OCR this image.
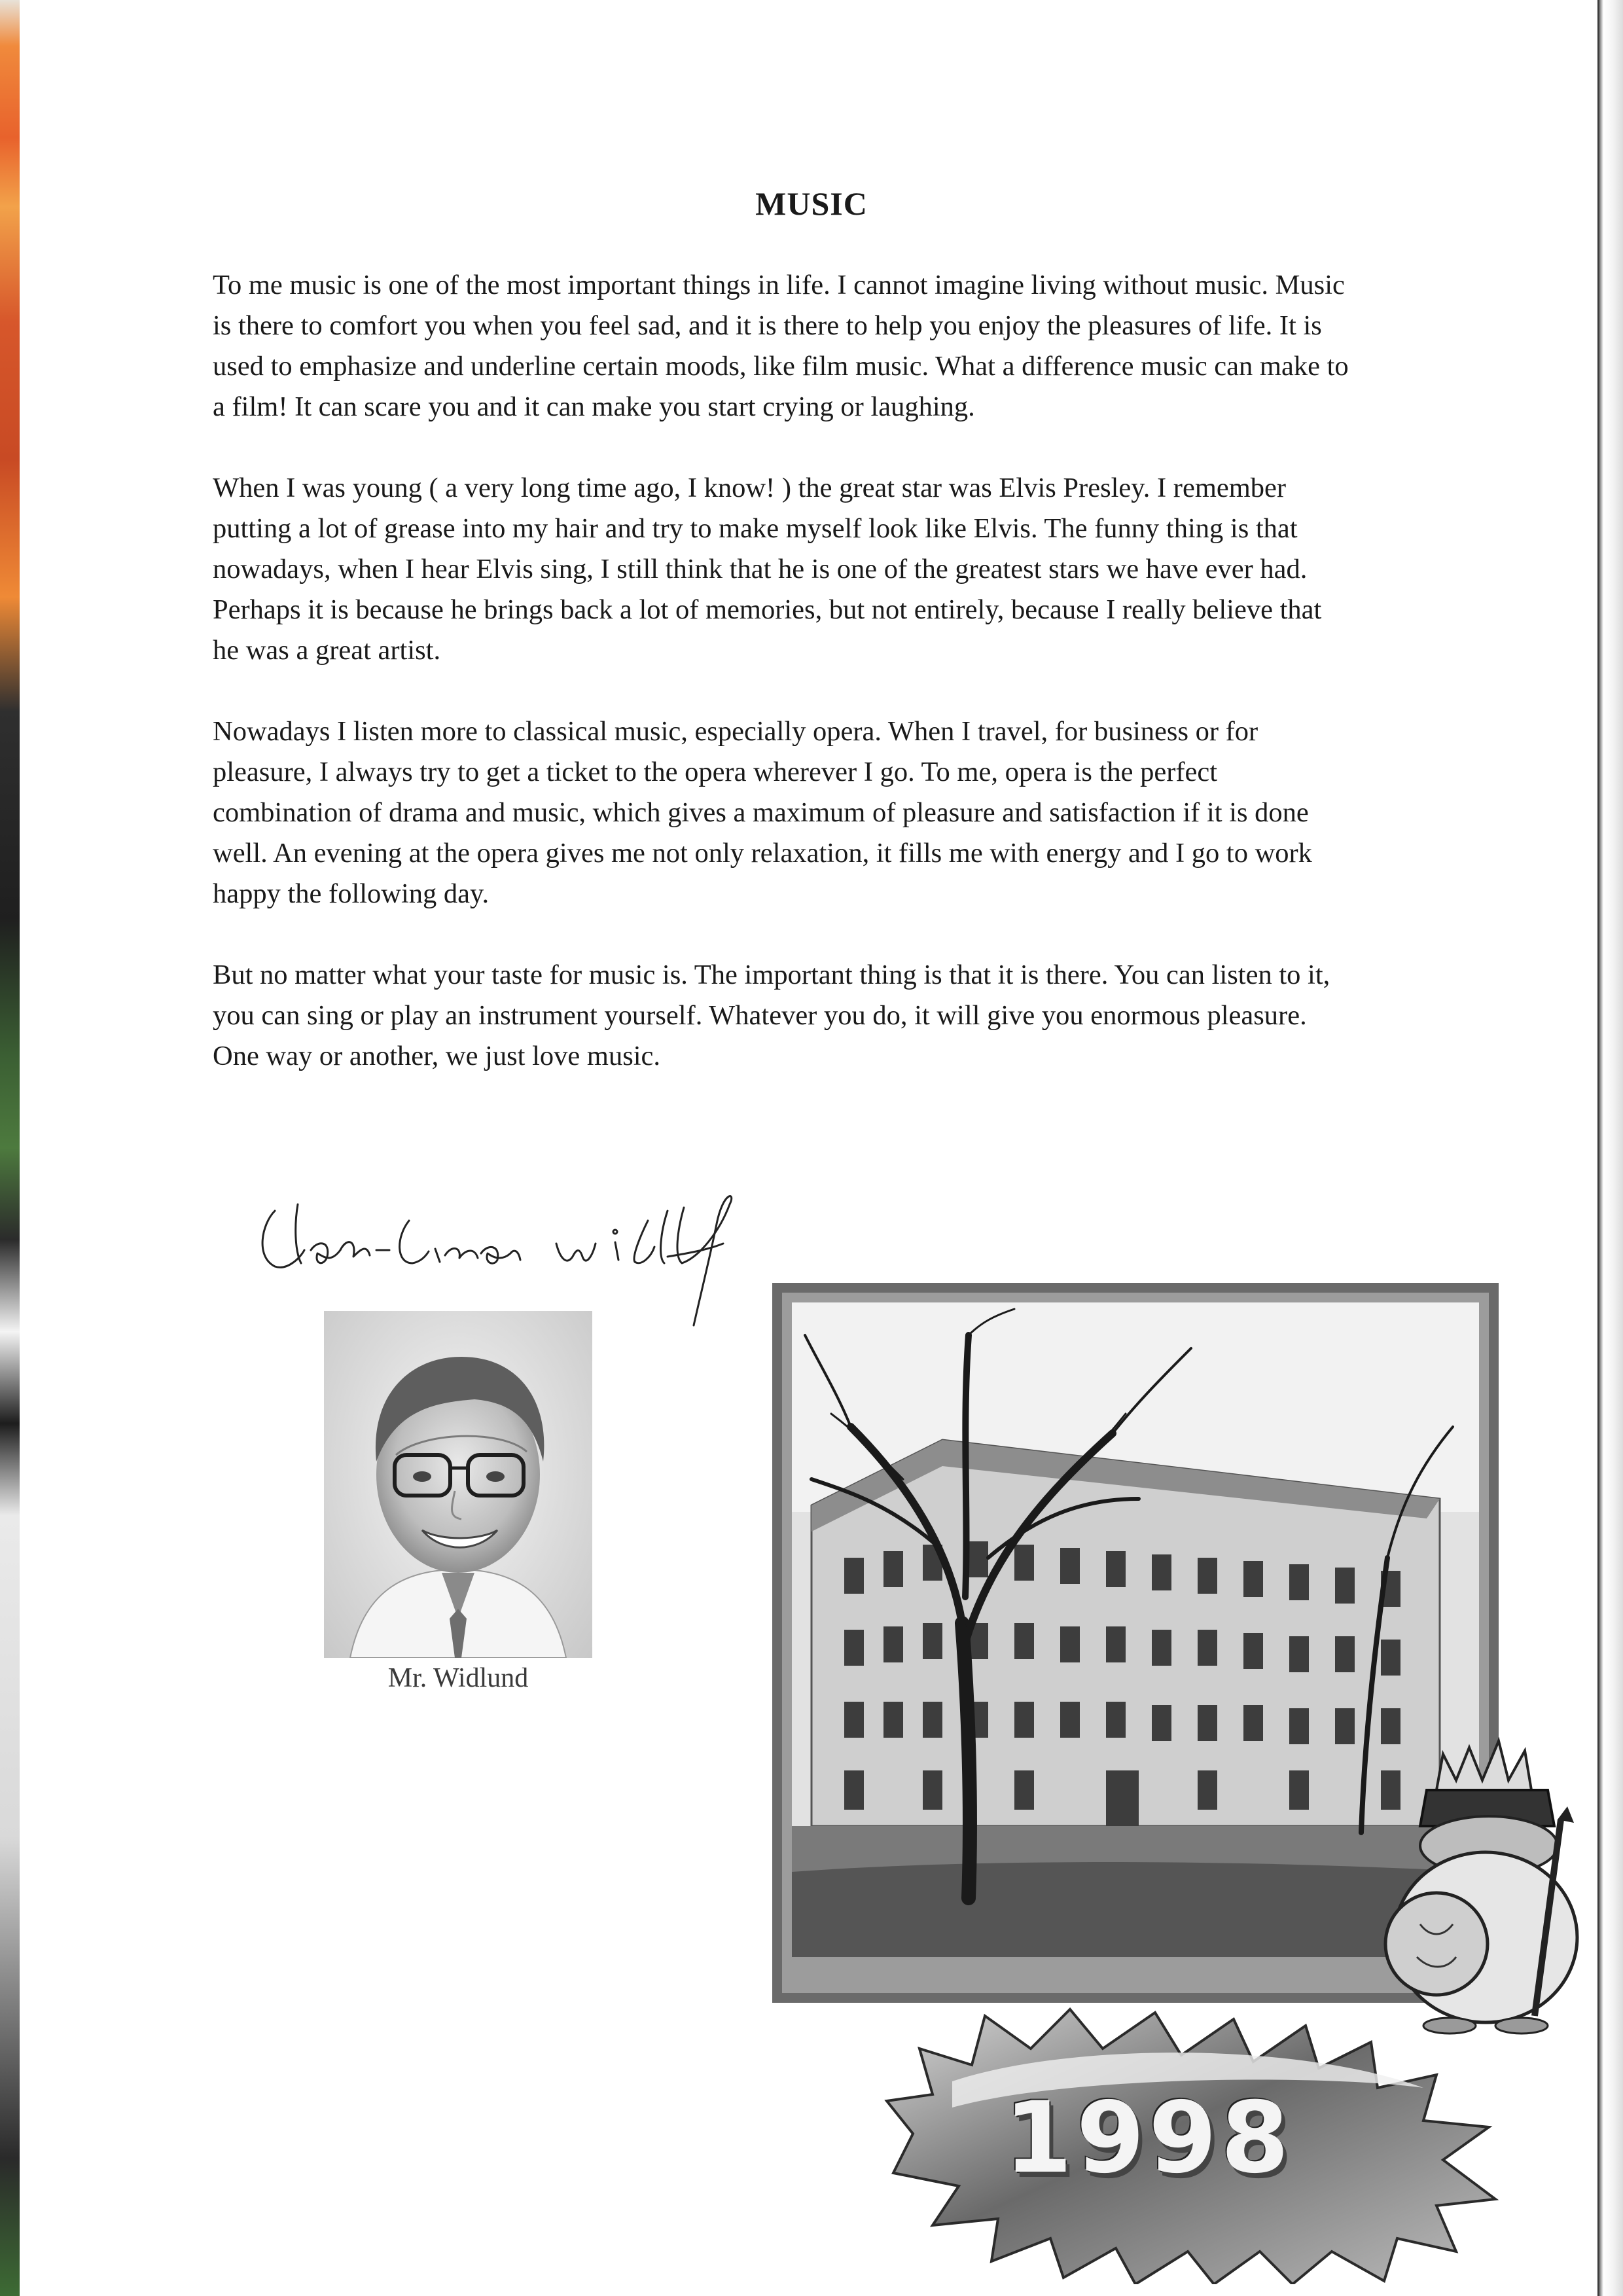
MUSIC

To me music is one of the most important things in life. I cannot imagine living without music. Music is there to comfort you when you feel sad, and it is there to help you enjoy the pleasures of life. It is used to emphasize and underline certain moods, like film music. What a difference music can make to a film! It can scare you and it can make you start crying or laughing.

When I was young ( a very long time ago, I know! ) the great star was Elvis Presley. I remember putting a lot of grease into my hair and try to make myself look like Elvis. The funny thing is that nowadays, when I hear Elvis sing, I still think that he is one of the greatest stars we have ever had. Perhaps it is because he brings back a lot of memories, but not entirely, because I really believe that he was a great artist.

Nowadays I listen more to classical music, especially opera. When I travel, for business or for pleasure, I always try to get a ticket to the opera wherever I go. To me, opera is the perfect combination of drama and music, which gives a maximum of pleasure and satisfaction if it is done well. An evening at the opera gives me not only relaxation, it fills me with energy and I go to work happy the following day.

But no matter what your taste for music is. The important thing is that it is there. You can listen to it, you can sing or play an instrument yourself. Whatever you do, it will give you enormous pleasure. One way or another, we just love music.

Mr. Widlund
1998
